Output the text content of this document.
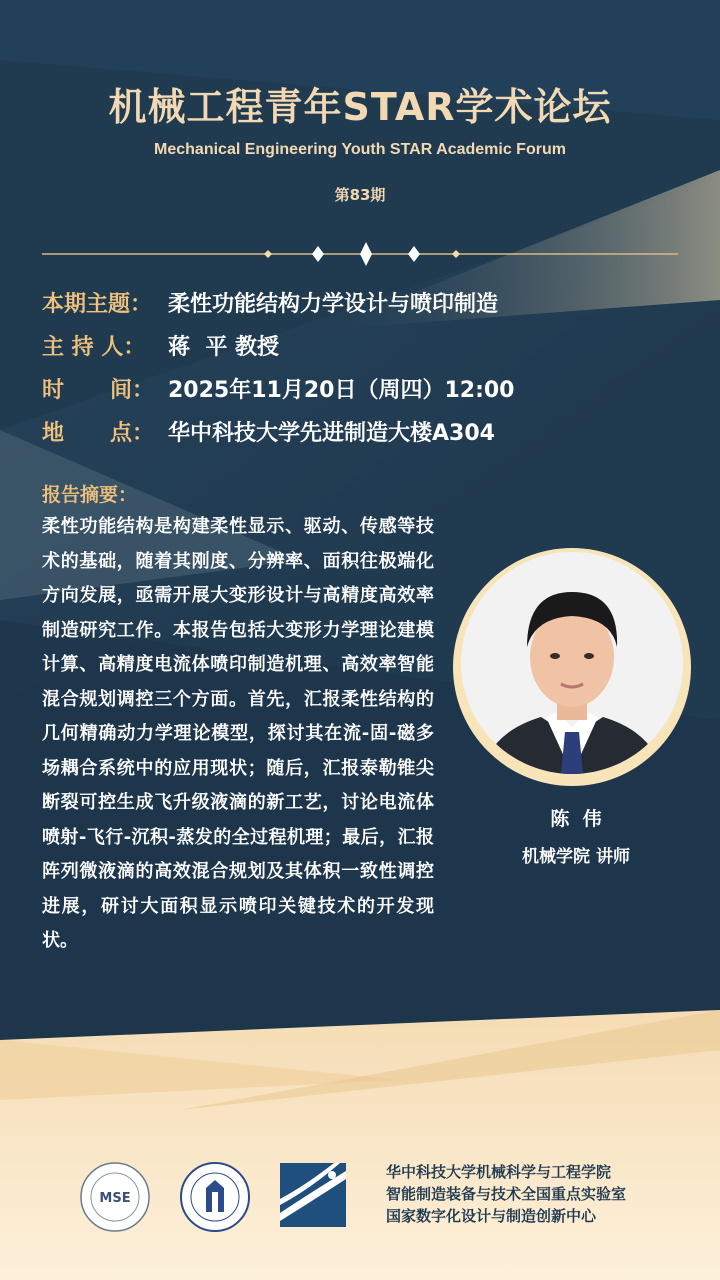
机械工程青年STAR学术论坛
Mechanical Engineering Youth STAR Academic Forum
第83期
本期主题： 柔性功能结构力学设计与喷印制造
主 持 人： 蒋  平 教授
时      间： 2025年11月20日（周四）12:00
地      点： 华中科技大学先进制造大楼A304
报告摘要：
柔性功能结构是构建柔性显示、驱动、传感等技术的基础，随着其刚度、分辨率、面积往极端化方向发展，亟需开展大变形设计与高精度高效率制造研究工作。本报告包括大变形力学理论建模计算、高精度电流体喷印制造机理、高效率智能混合规划调控三个方面。首先，汇报柔性结构的几何精确动力学理论模型，探讨其在流-固-磁多场耦合系统中的应用现状；随后，汇报泰勒锥尖断裂可控生成飞升级液滴的新工艺，讨论电流体喷射-飞行-沉积-蒸发的全过程机理；最后，汇报阵列微液滴的高效混合规划及其体积一致性调控进展，研讨大面积显示喷印关键技术的开发现状。
陈  伟
机械学院 讲师
MSE
华中科技大学机械科学与工程学院
智能制造装备与技术全国重点实验室
国家数字化设计与制造创新中心
